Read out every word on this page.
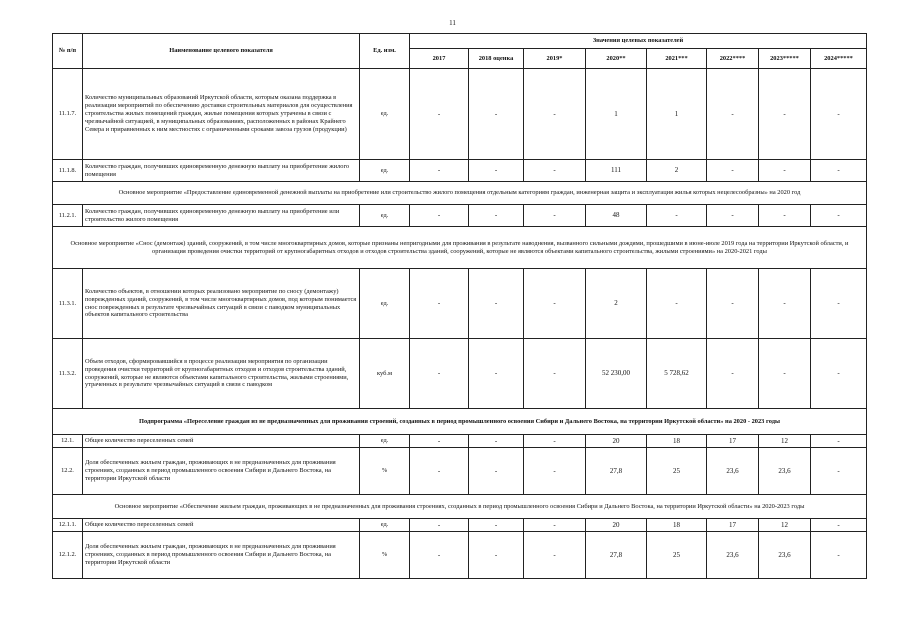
11
№ п/п	Наименование целевого показателя	Ед. изм.	Значения целевых показателей							
			2017	2018 оценка	2019*	2020**	2021***	2022****	2023*****	2024*****
11.1.7.	Количество муниципальных образований Иркутской области, которым оказана поддержка в реализации мероприятий по обеспечению доставки строительных материалов для осуществления строительства жилых помещений граждан, жилые помещения которых утрачены в связи с чрезвычайной ситуацией, в муниципальных образованиях, расположенных в районах Крайнего Севера и приравненных к ним местностях с ограниченными сроками завоза грузов (продукции)	ед.	-	-	-	1	1	-	-	-
11.1.8.	Количество граждан, получивших единовременную денежную выплату на приобретение жилого помещения	ед.	-	-	-	111	2	-	-	-
Основное мероприятие «Предоставление единовременной денежной выплаты на приобретение или строительство жилого помещения отдельным категориям граждан, инженерная защита и эксплуатация жилья которых нецелесообразны» на 2020 год										
11.2.1.	Количество граждан, получивших единовременную денежную выплату на приобретение или строительство жилого помещения	ед.	-	-	-	48	-	-	-	-
Основное мероприятие «Снос (демонтаж) зданий, сооружений, в том числе многоквартирных домов, которые признаны непригодными для проживания в результате наводнения, вызванного сильными дождями, прошедшими в июне-июле 2019 года на территории Иркутской области, и организация проведения очистки территорий от крупногабаритных отходов и отходов строительства зданий, сооружений, которые не являются объектами капитального строительства, жилыми строениями» на 2020-2021 годы										
11.3.1.	Количество объектов, в отношении которых реализовано мероприятие по сносу (демонтажу) поврежденных зданий, сооружений, в том числе многоквартирных домов, под которым понимается снос поврежденных в результате чрезвычайных ситуаций в связи с паводком муниципальных объектов капитального строительства	ед.	-	-	-	2	-	-	-	-
11.3.2.	Объем отходов, сформировавшийся в процессе реализации мероприятия по организации проведения очистки территорий от крупногабаритных отходов и отходов строительства зданий, сооружений, которые не являются объектами капитального строительства, жилыми строениями, утраченных в результате чрезвычайных ситуаций в связи с паводком	куб.м	-	-	-	52 230,00	5 728,62	-	-	-
Подпрограмма «Переселение граждан из не предназначенных для проживания строений, созданных в период промышленного освоения Сибири и Дальнего Востока, на территории Иркутской области» на 2020 - 2023 годы										
12.1.	Общее количество переселенных семей	ед.	-	-	-	20	18	17	12	-
12.2.	Доля обеспеченных жильем граждан, проживающих в не предназначенных для проживания строениях, созданных в период промышленного освоения Сибири и Дальнего Востока, на территории Иркутской области	%	-	-	-	27,8	25	23,6	23,6	-
Основное мероприятие «Обеспечение жильем граждан, проживающих в не предназначенных для проживания строениях, созданных в период промышленного освоения Сибири и Дальнего Востока, на территории Иркутской области» на 2020-2023 годы										
12.1.1.	Общее количество переселенных семей	ед.	-	-	-	20	18	17	12	-
12.1.2.	Доля обеспеченных жильем граждан, проживающих в не предназначенных для проживания строениях, созданных в период промышленного освоения Сибири и Дальнего Востока, на территории Иркутской области	%	-	-	-	27,8	25	23,6	23,6	-
